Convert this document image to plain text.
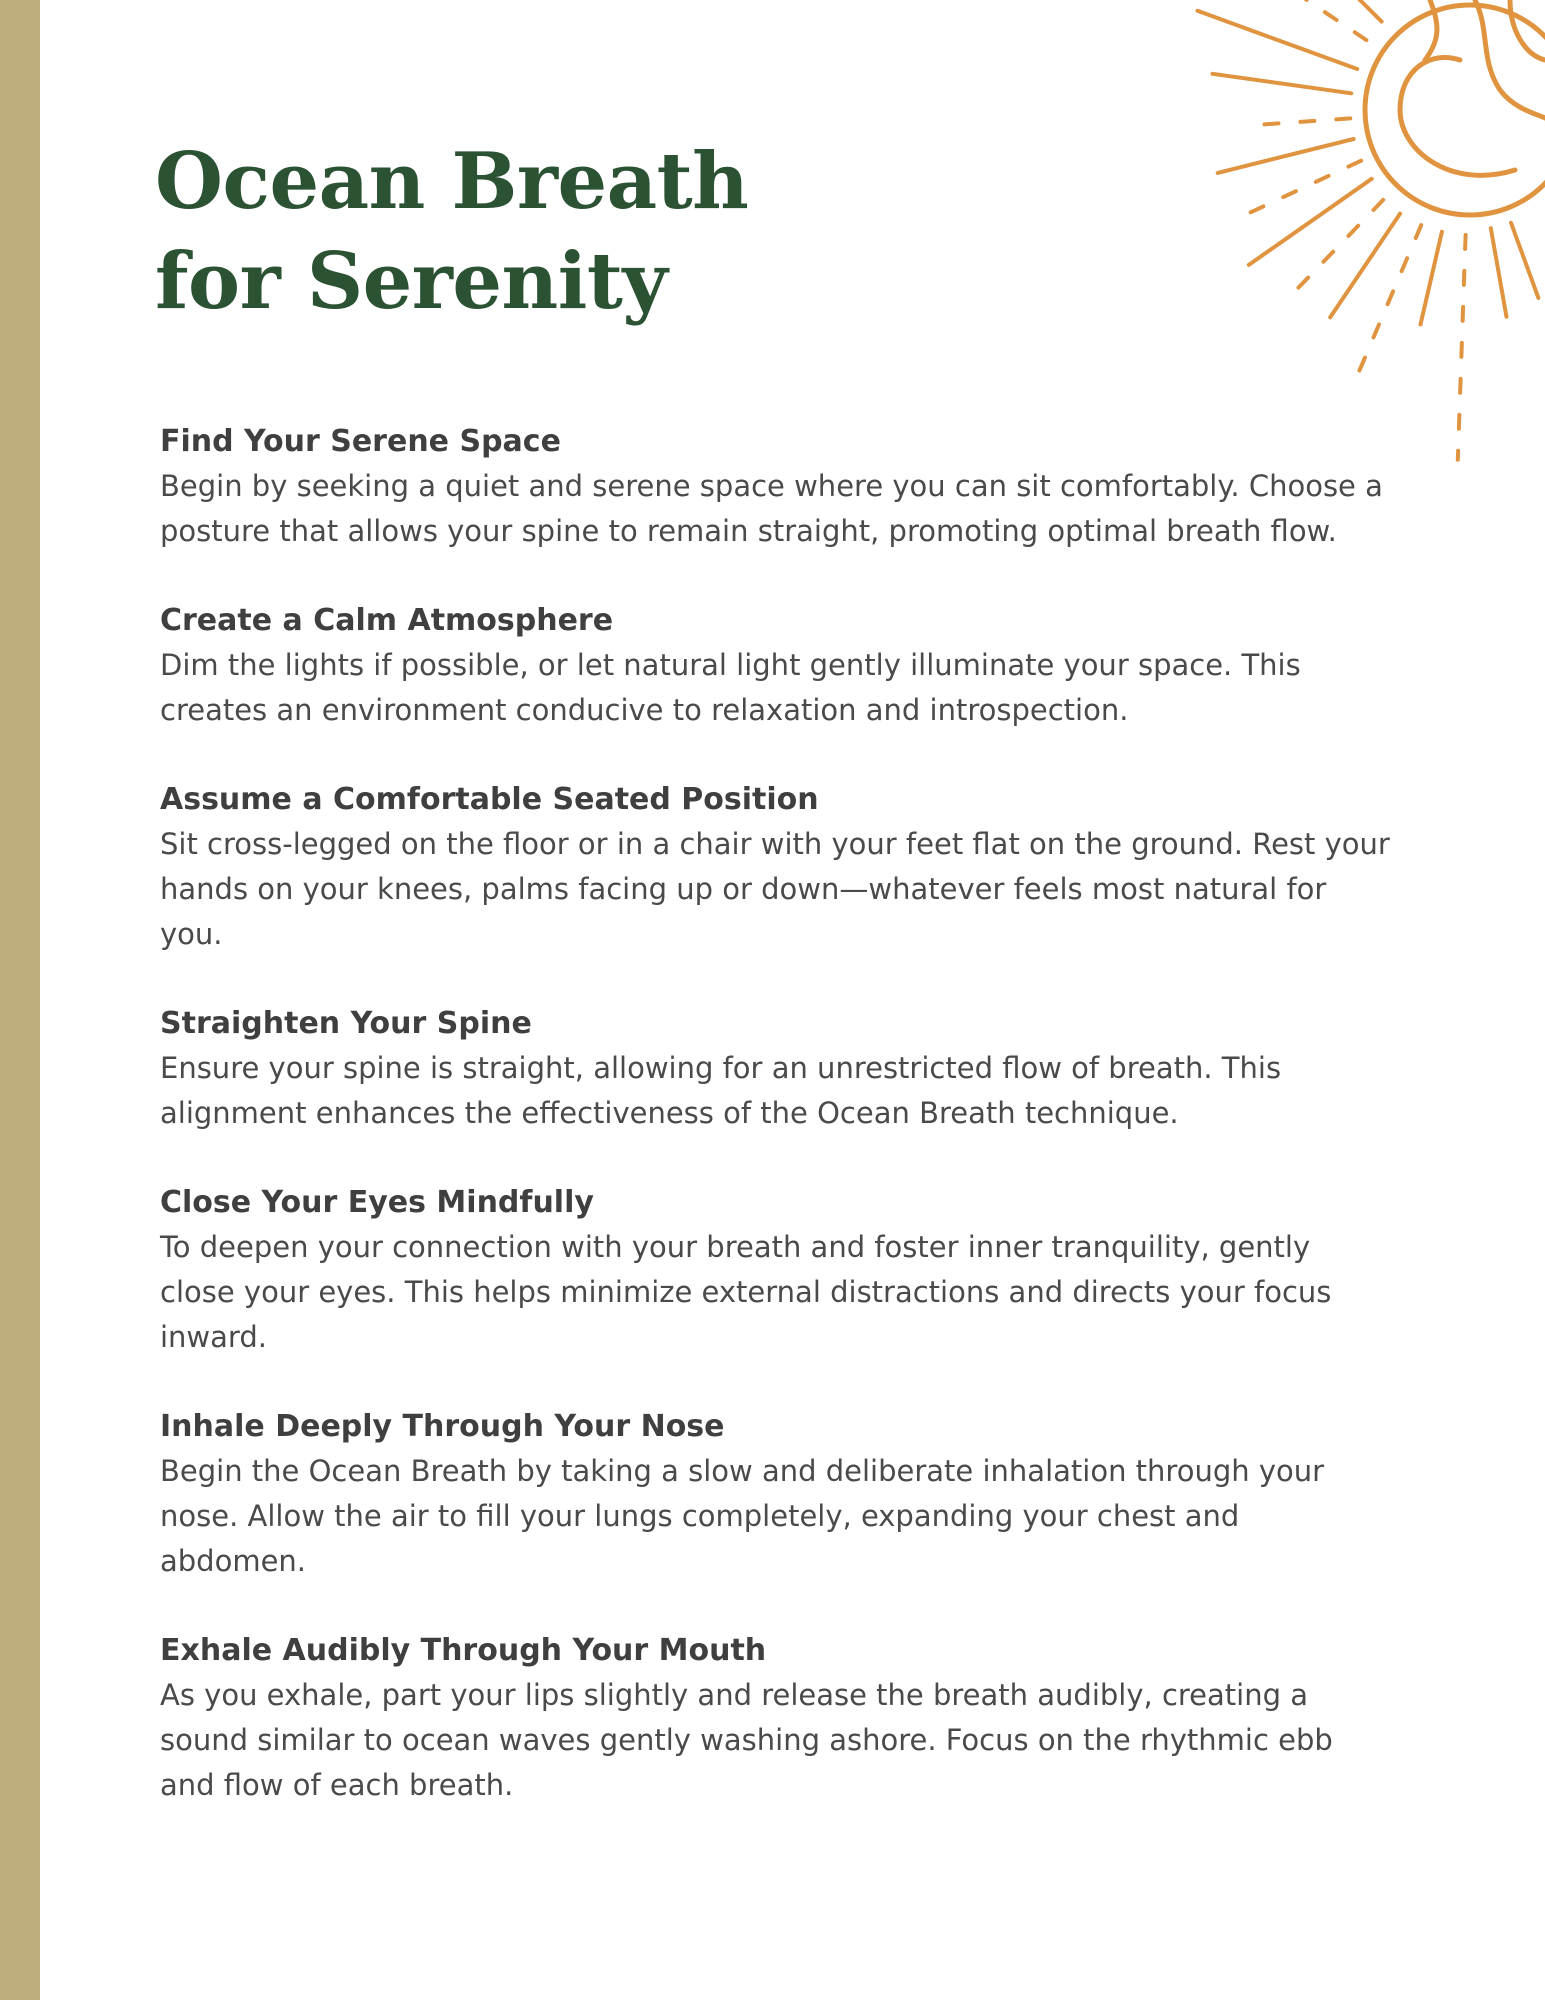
Ocean Breath
for Serenity
Find Your Serene Space

Begin by seeking a quiet and serene space where you can sit comfortably. Choose a posture that allows your spine to remain straight, promoting optimal breath flow.

Create a Calm Atmosphere

Dim the lights if possible, or let natural light gently illuminate your space. This creates an environment conducive to relaxation and introspection.

Assume a Comfortable Seated Position

Sit cross-legged on the floor or in a chair with your feet flat on the ground. Rest your hands on your knees, palms facing up or down—whatever feels most natural for you.

Straighten Your Spine

Ensure your spine is straight, allowing for an unrestricted flow of breath. This alignment enhances the effectiveness of the Ocean Breath technique.

Close Your Eyes Mindfully

To deepen your connection with your breath and foster inner tranquility, gently close your eyes. This helps minimize external distractions and directs your focus inward.

Inhale Deeply Through Your Nose

Begin the Ocean Breath by taking a slow and deliberate inhalation through your nose. Allow the air to fill your lungs completely, expanding your chest and abdomen.

Exhale Audibly Through Your Mouth

As you exhale, part your lips slightly and release the breath audibly, creating a sound similar to ocean waves gently washing ashore. Focus on the rhythmic ebb and flow of each breath.
